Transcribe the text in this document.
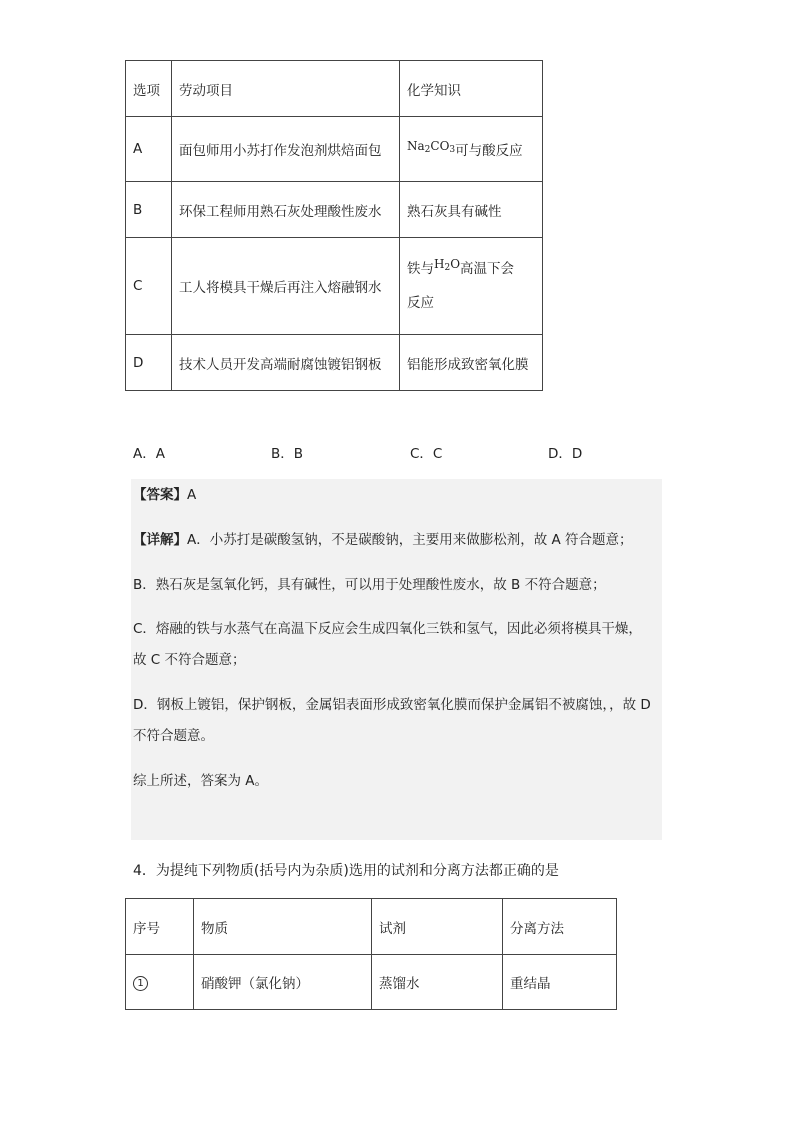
选项	劳动项目	化学知识
A	面包师用小苏打作发泡剂烘焙面包	$Na_2CO_3$可与酸反应
B	环保工程师用熟石灰处理酸性废水	熟石灰具有碱性
C	工人将模具干燥后再注入熔融钢水	铁与$H_2O$高温下会
反应
D	技术人员开发高端耐腐蚀镀铝钢板	铝能形成致密氧化膜
A．A	B．B	C．C	D．D

【答案】A

【详解】A．小苏打是碳酸氢钠，不是碳酸钠，主要用来做膨松剂，故 A 符合题意；

B．熟石灰是氢氧化钙，具有碱性，可以用于处理酸性废水，故 B 不符合题意；

C．熔融的铁与水蒸气在高温下反应会生成四氧化三铁和氢气，因此必须将模具干燥，

故 C 不符合题意；

D．钢板上镀铝，保护钢板，金属铝表面形成致密氧化膜而保护金属铝不被腐蚀，，故 D

不符合题意。

综上所述，答案为 A。

4．为提纯下列物质(括号内为杂质)选用的试剂和分离方法都正确的是
序号	物质	试剂	分离方法
1	硝酸钾（氯化钠）	蒸馏水	重结晶
